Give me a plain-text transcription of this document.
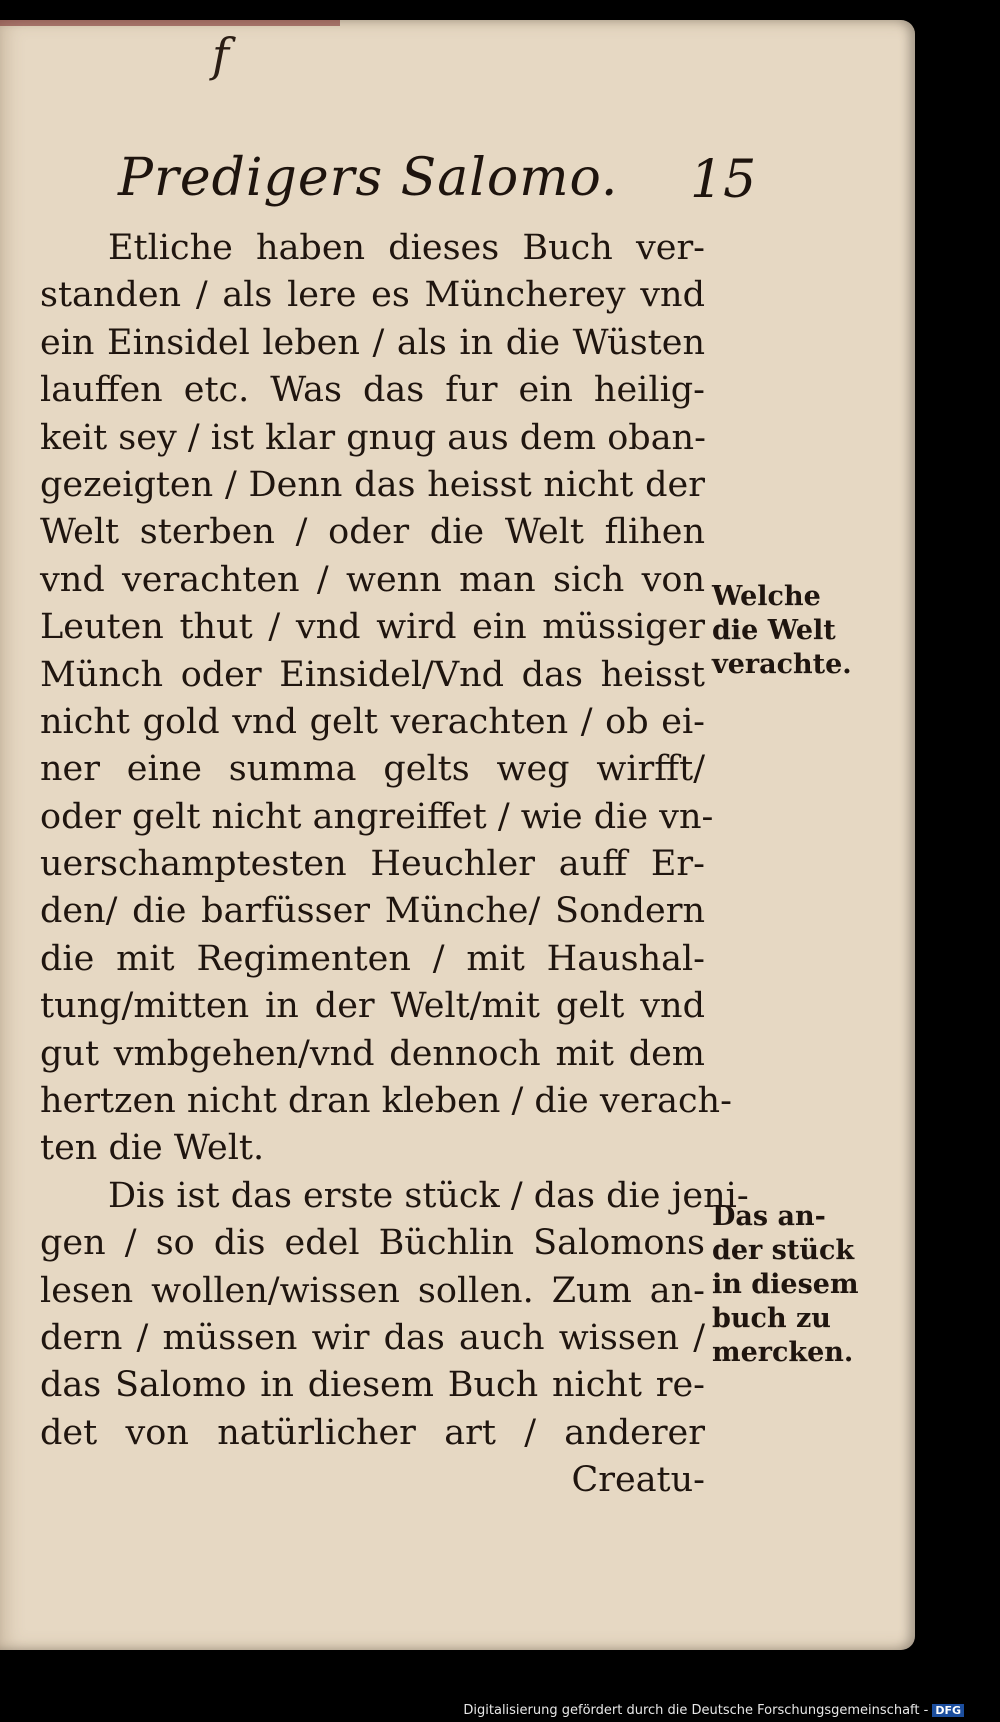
f
Predigers Salomo. 15
Etliche haben dieses Buch ver-
standen / als lere es Müncherey vnd
ein Einsidel leben / als in die Wüsten
lauffen etc. Was das fur ein heilig-
keit sey / ist klar gnug aus dem oban-
gezeigten / Denn das heisst nicht der
Welt sterben / oder die Welt flihen
vnd verachten / wenn man sich von
Leuten thut / vnd wird ein müssiger
Münch oder Einsidel/Vnd das heisst
nicht gold vnd gelt verachten / ob ei-
ner eine summa gelts weg wirfft/
oder gelt nicht angreiffet / wie die vn-
uerschamptesten Heuchler auff Er-
den/ die barfüsser Münche/ Sondern
die mit Regimenten / mit Haushal-
tung/mitten in der Welt/mit gelt vnd
gut vmbgehen/vnd dennoch mit dem
hertzen nicht dran kleben / die verach-
ten die Welt.
Dis ist das erste stück / das die jeni-
gen / so dis edel Büchlin Salomons
lesen wollen/wissen sollen. Zum an-
dern / müssen wir das auch wissen /
das Salomo in diesem Buch nicht re-
det von natürlicher art / anderer
Creatu-
Welche
die Welt
verachte.
Das an-
der stück
in diesem
buch zu
mercken.
Digitalisierung gefördert durch die Deutsche Forschungsgemeinschaft - DFG
